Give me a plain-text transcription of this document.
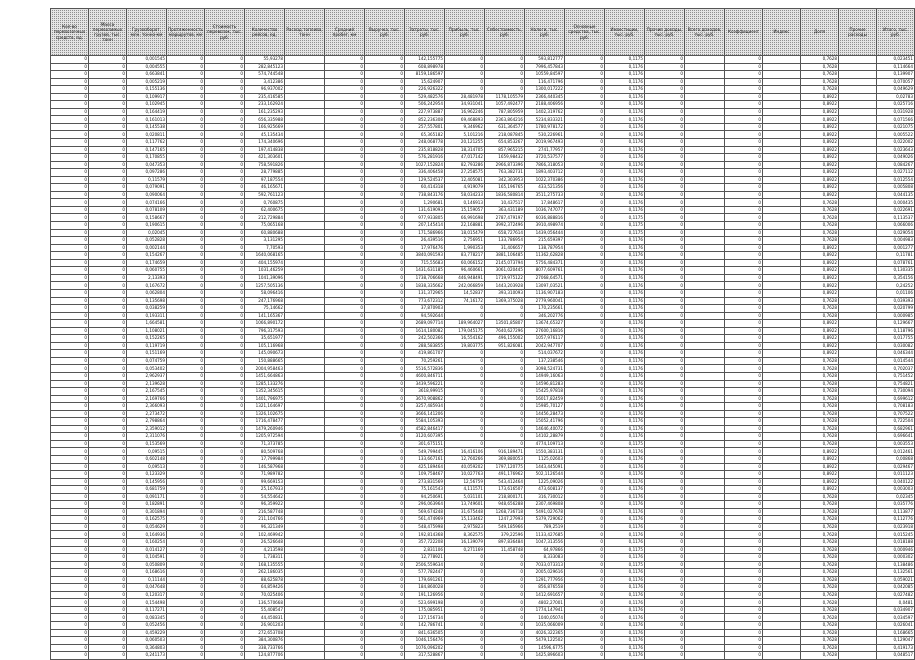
Кол-во перевозочных средств, ед.	Масса перевозимых грузов, тыс. тонн	Грузооборот, млн. тонно-км	Протяженность маршрутов, км	Стоимость перевозок, тыс. руб.	Количество рейсов, ед.	Расход топлива, тонн	Средний пробег, км	Выручка, тыс. руб.	Затраты, тыс. руб.	Прибыль, тыс. руб.	Себестоимость, руб.	Налоги, тыс. руб.	Основные средства, тыс. руб.	Инвестиции, тыс. руб.	Прочие доходы, тыс. руб.	Всего доходов, тыс. руб.	Коэффициент	Индекс	Доля	Прочие расходы	Итого, тыс. руб.
0	0	0,001545	0	0	55,93278		0	0	142,155775	0	0	593,812777	0	0,1175	0		0		0,7628		0,023451
0	0	0,004555	0	0	282,845123		0	0	608,898978	0	0	7996,457843	0	0,1176	0		0		0,7628		0,114664
0	0	0,663841	0	0	574,744548		0	0	8159,186597	0	0	10559,84597	0	0,1176	0		0		0,7628		0,139907
0	0	0,005219	0	0	3,412386		0	0	15,624907	0	0	116,471796	0	0,1176	0		0		0,7628		0,070057
0	0	0,155136	0	0	96,937002		0	0	226,926322	0	0	1300,017222	0	0,1176	0		0		0,7628		0,049629
0	0	0,109917	0	0	235,416585		0	0	529,482576	28,481978	1178,105579	2366,440345	0	0,1176	0		0		0,8922		0,02783
0	0	0,102945	0	0	233,162924		0	0	506,242954	34,931041	1057,492477	2188,406956	0	0,1176	0		0		0,8922		0,025716
0	0	0,164419	0	0	161,235293		0	0	227,973887	16,962246	787,805959	1402,319762	0	0,1176	0		0		0,8922		0,031928
0	0	0,161013	0	0	656,335988		0	0	852,236308	69,468893	2363,864216	5234,833321	0	0,1176	0		0		0,8922		0,071566
0	0	0,145538	0	0	166,925669		0	0	257,557801	9,346962	631,364577	1780,978172	0	0,1176	0		0		0,8922		0,021075
0	0	0,020811	0	0	45,135434		0	0	65,365182	5,101216	218,087845	530,226961	0	0,1176	0		0		0,8922		0,005522
0	0	0,117762	0	0	174,340696		0	0	248,068778	20,121255	654,853267	2019,967493	0	0,1176	0		0		0,8922		0,022002
0	0	0,147165	0	0	197,414838		0	0	235,818828	18,314705	857,965215	2741,77957	0	0,1176	0		0		0,8922		0,023643
0	0	0,170855	0	0	421,303601		0	0	576,281916	47,017142	1659,98432	3720,537577	0	0,1176	0		0		0,8922		0,049026
0	0	0,047353	0	0	758,591826		0	0	1027,152824	82,793286	2966,873396	7866,318053	0	0,1176	0		0		0,8922		0,084267
0	0	0,097286	0	0	28,779885		0	0	336,406458	27,258575	763,382731	1893,403712	0	0,1176	0		0		0,8922		0,027112
0	0	0,11579	0	0	97,187554		0	0	129,524537	12,405081	342,303953	1022,370386	0	0,1176	0		0		0,8922		0,012554
0	0	0,079091	0	0	46,165671		0	0	60,414318	4,919079	165,196765	433,521356	0	0,1176	0		0		0,8922		0,005808
0	0	0,090064	0	0	592,761123		0	0	738,843176	58,034233	1836,580814	3511,275733	0	0,1176	0		0		0,8922		0,044135
0	0	0,074166	0	0	0,760875		0	0	1,290681	0,146913	10,437517	17,848617	0	0,1176	0		0		0,7628		0,000435
0	0	0,078109	0	0	62,400675		0	0	131,619093	15,159057	363,431189	1036,747077	0	0,1176	0		0		0,7628		0,022691
0	0	0,158667	0	0	212,729884		0	0	977,933805	66,991698	2787,479197	6036,888816	0	0,1175	0		0		0,7628		0,113537
0	0	0,190615	0	0	75,065168		0	0	207,145414	22,168881	3992,372496	3910,498974	0	0,1175	0		0		0,7628		0,066006
0	0	0,02045	0	0	60,880688		0	0	171,586966	18,015479	658,727614	1439,056444	0	0,1175	0		0		0,7628		0,029054
0	0	0,052828	0	0	3,131295		0	0	26,439516	2,756951	133,786954	215,659397	0	0,1176	0		0		0,7628		0,004983
0	0	0,002144	0	0	7,70593		0	0	17,976476	1,990353	31,406657	138,787954	0	0,1176	0		0		0,8922		0,001277
0	0	0,154267	0	0	1640,068165		0	0	3840,091593	83,778217	3881,106485	11362,62828	0	0,1176	0		0		0,8922		0,11781
0	0	0,174659	0	0	404,155974		0	0	715,55683	60,066152	2145,073794	5756,484371	0	0,1176	0		0		0,8922		0,078761
0	0	0,060755	0	0	1031,46259		0	0	1431,631185	96,460661	3061,020445	8077,609761	0	0,1176	0		0		0,8922		0,130335
0	0	2,13393	0	0	1041,39096		0	0	1738,706668	446,948491	1719,975122	27068,64571	0	0,1176	0		0		0,8922		0,354156
0	0	0,167672	0	0	1257,505136		0	0	1838,335662	242,066859	1443,203928	13097,03521	0	0,1176	0		0		0,8922		0,24252
0	0	0,062804	0	0	58,096416		0	0	131,372965	14,52837	393,310093	1136,907183	0	0,1176	0		0		0,8922		0,01106
0	0	0,135698	0	0	247,176968		0	0	773,672312	74,16172	1369,375028	2779,960041	0	0,1176	0		0		0,7628		0,039393
0	0	0,038259	0	0	75,14662		0	0	37,870903	0	0	170,235661	0	0,1176	0		0		0,7628		0,020799
0	0	0,193311	0	0	141,165367		0	0	94,592644	0	0	346,202776	0	0,1176	0		0		0,7628		0,000985
0	0	1,664581	0	0	1066,890172		0	0	2689,097714	189,964027	13501,85807	13674,65327	0	0,1176	0		0		0,8922		0,129667
0	0	1,108021	0	0	796,317593		0	0	1614,180082	179,045175	7640,627296	27600,16816	0	0,1176	0		0		0,8922		0,118796
0	0	0,152265	0	0	35,651977		0	0	242,502366	16,554162	496,155002	1057,976117	0	0,1176	0		0		0,8922		0,017755
0	0	0,119719	0	0	105,116968		0	0	288,583855	19,803775	951,826081	2042,947707	0	0,1176	0		0		0,8922		0,030082
0	0	0,151169	0	0	145,090673		0	0	419,861707	0	0	514,037672	0	0,1176	0		0		0,8922		0,046344
0	0	0,074759	0	0	150,888665		0	0	70,259261	0	0	137,238546	0	0,1176	0		0		0,7628		0,014544
0	0	0,053402	0	0	2004,958463		0	0	5516,572836	0	0	3098,524731	0	0,1176	0		0		0,7628		0,702037
0	0	2,962937	0	0	1451,664863		0	0	4600,846711	0	0	14949,16063	0	0,1176	0		0		0,7628		0,751452
0	0	2,139628	0	0	1285,133276		0	0	3439,596221	0	0	14596,81283	0	0,1176	0		0		0,7628		0,754821
0	0	2,167545	0	0	1352,345615		0	0	3618,99915	0	0	15425,97818	0	0,1176	0		0		0,7628		0,730094
0	0	2,169766	0	0	1401,796975		0	0	3670,908862	0	0	16017,82459	0	0,1176	0		0		0,7628		0,699612
0	0	2,366093	0	0	1321,164697		0	0	3257,485934	0	0	15985,70127	0	0,1176	0		0		0,7628		0,708183
0	0	2,273472	0	0	1326,102675		0	0	3666,141206	0	0	14456,28473	0	0,1176	0		0		0,7628		0,707522
0	0	2,798864	0	0	1716,478477		0	0	5584,105393	0	0	15052,41796	0	0,1176	0		0		0,7628		0,722504
0	0	2,359012	0	0	1479,260946		0	0	4582,846417	0	0	14646,40072	0	0,1176	0		0		0,7628		0,682961
0	0	2,311076	0	0	1205,972594		0	0	3120,607395	0	0	14102,28879	0	0,1176	0		0		0,7628		0,696641
0	0	0,153569	0	0	71,373785		0	0	301,675151	0	0	4774,109713	0	0,1175	0		0		0,7628		0,003553
0	0	0,09515	0	0	80,509768		0	0	549,799445	16,416106	916,189471	1550,383131	0	0,1176	0		0		0,8922		0,012461
0	0	0,602148	0	0	17,799984		0	0	133,667161	12,760266	369,880053	1125,02603	0	0,1176	0		0		0,8922		0,00868
0	0	0,09513	0	0	146,587968		0	0	425,189464	40,059202	1797,120775	1443,445091	0	0,1176	0		0		0,8922		0,029467
0	0	0,123329	0	0	71,989782		0	0	109,758467	10,027763	491,176962	502,1126544	0	0,1176	0		0		0,8922		0,011123
0	0	0,145956	0	0	99,669153		0	0	273,831569	12,56759	543,412464	1225,09026	0	0,1176	0		0		0,8922		0,040122
0	0	0,681759	0	0	25,167933		0	0	75,161543	4,111571	173,616507	473,608137	0	0,1176	0		0		0,8922		0,003003
0	0	0,091171	0	0	54,554642		0	0	94,250691	5,031101	218,800171	316,730012	0	0,1176	0		0		0,7628		0,02345
0	0	0,182891	0	0	96,359922		0	0	296,063964	13,749601	948,656288	2307,469808	0	0,1176	0		0		0,7628		0,035776
0	0	0,301894	0	0	216,587748		0	0	569,674248	31,675448	1268,736718	5491,027678	0	0,1176	0		0		0,7628		0,113877
0	0	0,162575	0	0	211,104766		0	0	561,474969	15,133462	1247,27993	5379,729062	0	0,1176	0		0		0,7628		0,112776
0	0	0,054629	0	0	96,321349		0	0	548,475998	2,975823	549,185966	789,2519	0	0,1176	0		0		0,7628		0,023918
0	0	0,164936	0	0	102,469942		0	0	192,814368	8,362575	379,22596	1133,427685	0	0,1176	0		0		0,7628		0,015245
0	0	0,160254	0	0	26,526648		0	0	357,722208	16,139079	897,836484	1047,313556	0	0,1176	0		0		0,7628		0,018188
0	0	0,014127	0	0	4,213598		0	0	2,831106	0,271169	11,458748	64,97866	0	0,1175	0		0		0,7628		0,000946
0	0	0,104591	0	0	1,738311		0	0	12,778921	0	0	8,333083	0	0,1176	0		0		0,7628		0,000302
0	0	0,050809	0	0	168,135555		0	0	2506,559634	0	0	7033,073313	0	0,1175	0		0		0,7628		0,138486
0	0	0,168616	0	0	262,186035		0	0	577,782447	0	0	2005,029616	0	0,1176	0		0		0,7628		0,132561
0	0	0,11144	0	0	88,625878		0	0	179,691261	0	0	1291,777956	0	0,1176	0		0		0,7628		0,059021
0	0	0,047648	0	0	64,859426		0	0	184,860028	0	0	856,876558	0	0,1176	0		0		0,7628		0,042085
0	0	0,120317	0	0	70,025406		0	0	191,126956	0	0	1412,691657	0	0,1176	0		0		0,7628		0,027482
0	0	0,154498	0	0	136,570668		0	0	523,699198	0	0	4802,27001	0	0,1176	0		0		0,7628		0,0481
0	0	0,117271	0	0	55,408547		0	0	175,085951	0	0	1774,147941	0	0,1176	0		0		0,7628		0,034907
0	0	0,083345	0	0	44,450831		0	0	127,156734	0	0	1040,05074	0	0,1176	0		0		0,7628		0,034597
0	0	0,052456	0	0	26,901203		0	0	142,786741	0	0	1035,066009	0	0,1176	0		0		0,7628		0,026041
0	0	0,459229	0	0	272,653708		0	0	841,636505	0	0	4026,322365	0	0,1176	0		0		0,7628		0,168665
0	0	0,060503	0	0	384,300876		0	0	1046,156476	0	0	5479,122502	0	0,1176	0		0		0,7628		0,129047
0	0	0,364803	0	0	338,733766		0	0	1076,096202	0	0	14596,6775	0	0,1176	0		0		0,7628		0,419173
0	0	0,241173	0	0	124,877706		0	0	317,528867	0	0	1425,896603	0	0,1176	0		0		0,7628		0,048517
